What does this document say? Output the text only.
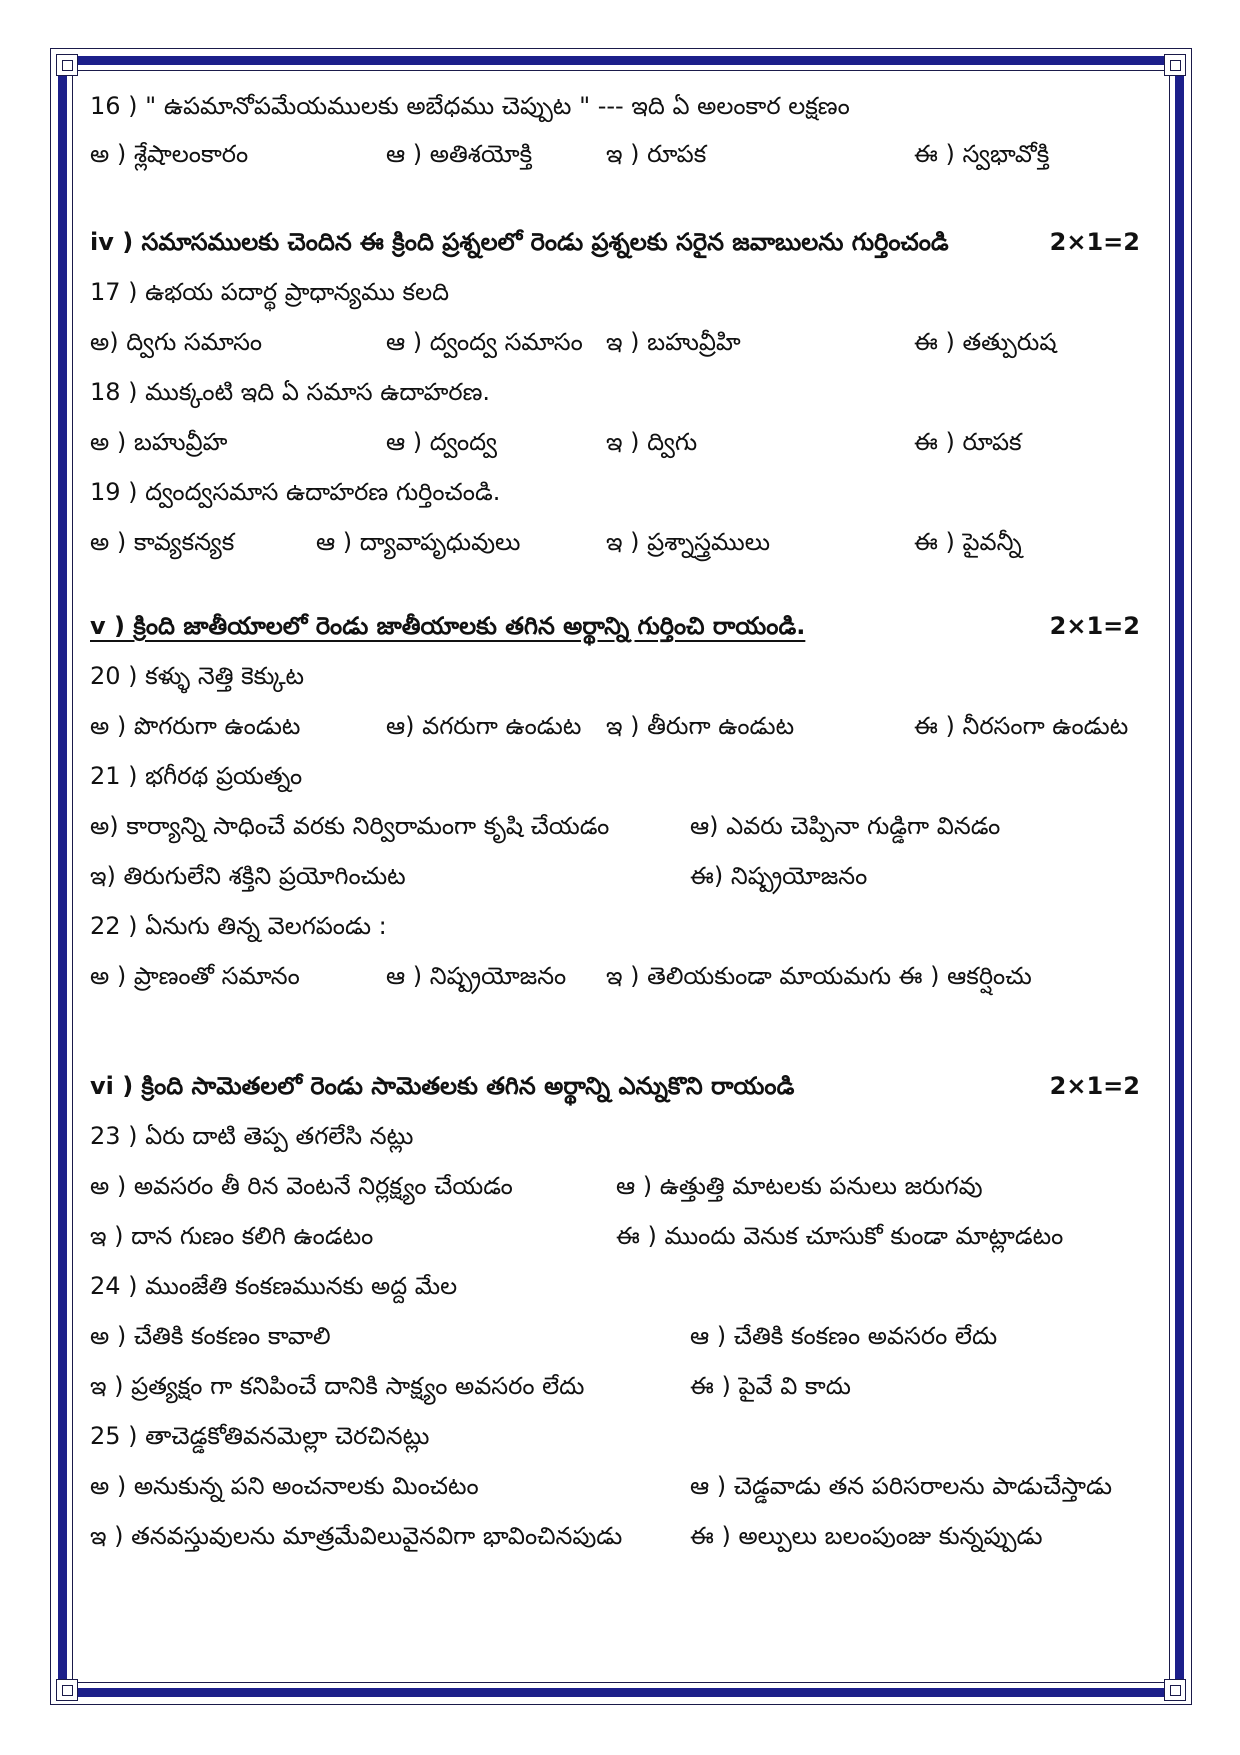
16 ) " ఉపమానోపమేయములకు అబేధము చెప్పుట " --- ఇది ఏ అలంకార లక్షణం
అ ) శ్లేషాలంకారం	ఆ ) అతిశయోక్తి	ఇ ) రూపక	ఈ ) స్వభావోక్తి
iv ) సమాసములకు చెందిన ఈ క్రింది ప్రశ్నలలో రెండు ప్రశ్నలకు సరైన జవాబులను గుర్తించండి	2×1=2
17 ) ఉభయ పదార్థ ప్రాధాన్యము కలది
అ) ద్విగు సమాసం	ఆ ) ద్వంద్వ సమాసం ఇ ) బహువ్రీహి	ఈ ) తత్పురుష
18 ) ముక్కంటి ఇది ఏ సమాస ఉదాహరణ.
అ ) బహువ్రీహ	ఆ ) ద్వంద్వ	ఇ ) ద్విగు	ఈ ) రూపక
19 ) ద్వంద్వసమాస ఉదాహరణ గుర్తించండి.
అ ) కావ్యకన్యక	ఆ ) ద్యావాపృధువులు	ఇ ) ప్రశ్నాస్త్రములు	ఈ ) పైవన్నీ
v ) క్రింది జాతీయాలలో రెండు జాతీయాలకు తగిన అర్థాన్ని గుర్తించి రాయండి.	2×1=2
20 ) కళ్ళు నెత్తి కెక్కుట
అ ) పొగరుగా ఉండుట	ఆ) వగరుగా ఉండుట ఇ ) తీరుగా ఉండుట	ఈ ) నీరసంగా ఉండుట
21 ) భగీరథ ప్రయత్నం
అ) కార్యాన్ని సాధించే వరకు నిర్విరామంగా కృషి చేయడం	ఆ) ఎవరు చెప్పినా గుడ్డిగా వినడం
ఇ) తిరుగులేని శక్తిని ప్రయోగించుట	ఈ) నిష్ప్రయోజనం
22 ) ఏనుగు తిన్న వెలగపండు :
అ ) ప్రాణంతో సమానం	ఆ ) నిష్ప్రయోజనం ఇ ) తెలియకుండా మాయమగు ఈ ) ఆకర్షించు
vi ) క్రింది సామెతలలో రెండు సామెతలకు తగిన అర్థాన్ని ఎన్నుకొని రాయండి	2×1=2
23 ) ఏరు దాటి తెప్ప తగలేసి నట్లు
అ ) అవసరం తీ రిన వెంటనే నిర్లక్ష్యం చేయడం	ఆ ) ఉత్తుత్తి మాటలకు పనులు జరుగవు
ఇ ) దాన గుణం కలిగి ఉండటం	ఈ ) ముందు వెనుక చూసుకో కుండా మాట్లాడటం
24 ) ముంజేతి కంకణమునకు అద్ద మేల
అ ) చేతికి కంకణం కావాలి	ఆ ) చేతికి కంకణం అవసరం లేదు
ఇ ) ప్రత్యక్షం గా కనిపించే దానికి సాక్ష్యం అవసరం లేదు	ఈ ) పైవే వి కాదు
25 ) తాచెడ్డకోతివనమెల్లా చెరచినట్లు
అ ) అనుకున్న పని అంచనాలకు మించటం	ఆ ) చెడ్డవాడు తన పరిసరాలను పాడుచేస్తాడు
ఇ ) తనవస్తువులను మాత్రమేవిలువైనవిగా భావించినపుడు	ఈ ) అల్పులు బలంపుంజు కున్నప్పుడు
